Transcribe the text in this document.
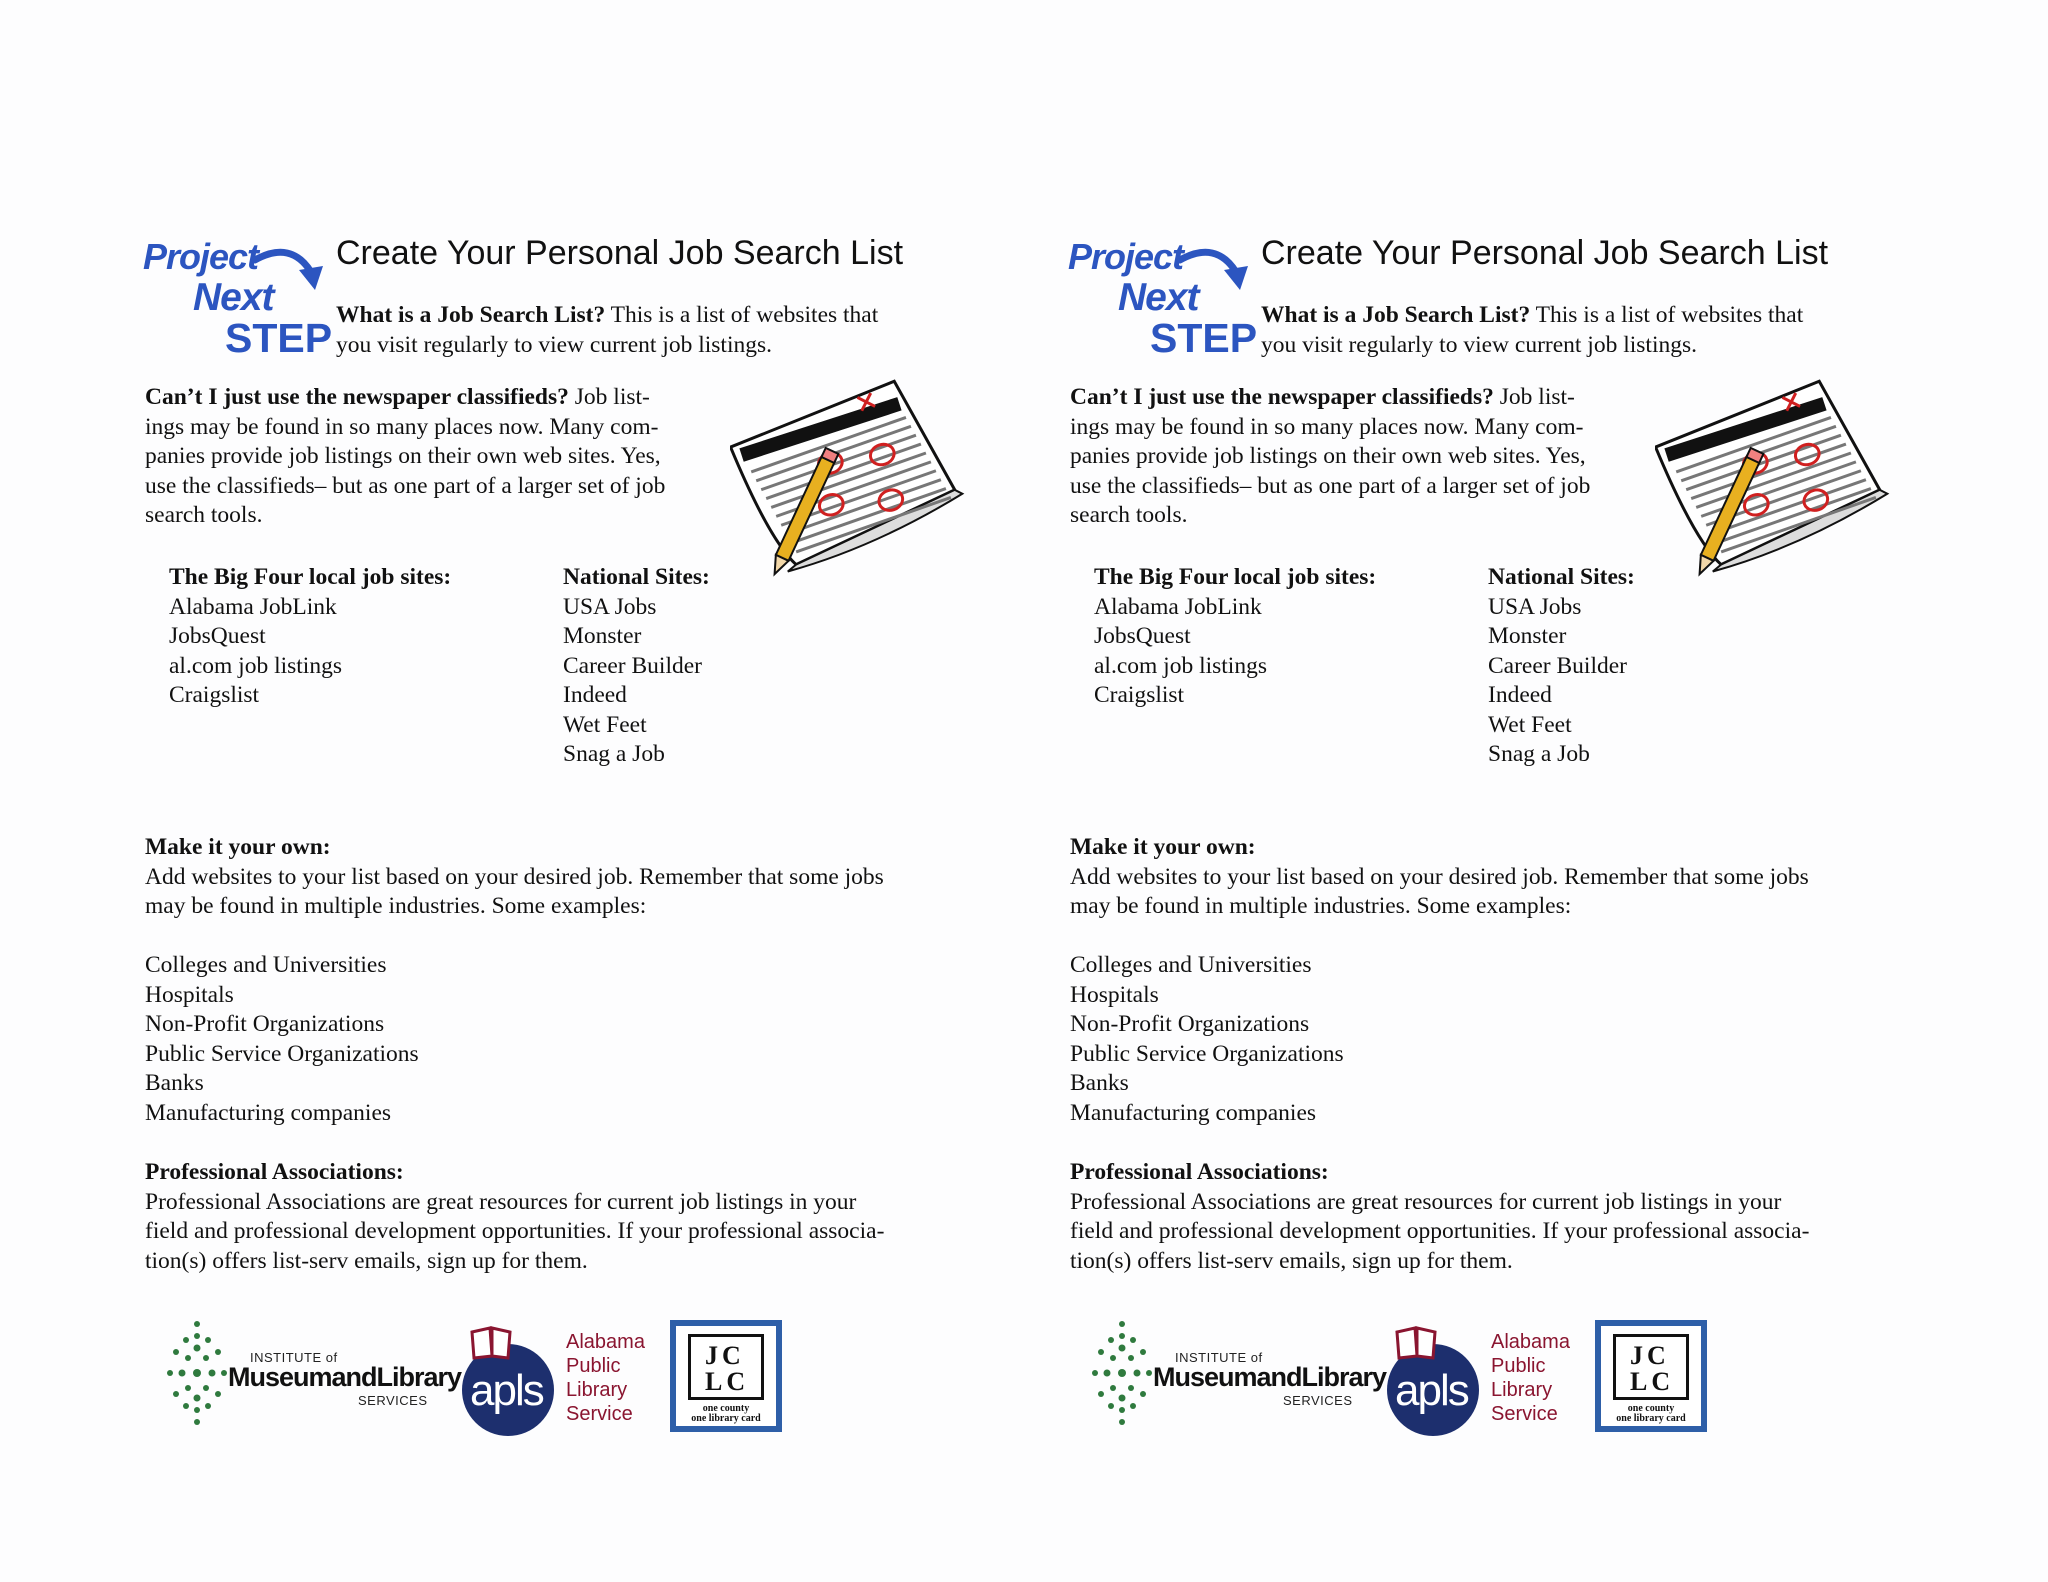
Project
Next
STEP
Create Your Personal Job Search List
What is a Job Search List? This is a list of websites that
you visit regularly to view current job listings.
Can’t I just use the newspaper classifieds? Job list-
ings may be found in so many places now. Many com-
panies provide job listings on their own web sites. Yes,
use the classifieds– but as one part of a larger set of job
search tools.
The Big Four local job sites:
Alabama JobLink
JobsQuest
al.com job listings
Craigslist
National Sites:
USA Jobs
Monster
Career Builder
Indeed
Wet Feet
Snag a Job
Make it your own:
Add websites to your list based on your desired job. Remember that some jobs
may be found in multiple industries. Some examples:
Colleges and Universities
Hospitals
Non-Profit Organizations
Public Service Organizations
Banks
Manufacturing companies
Professional Associations:
Professional Associations are great resources for current job listings in your
field and professional development opportunities. If your professional associa-
tion(s) offers list-serv emails, sign up for them.
INSTITUTE of
MuseumandLibrary
SERVICES apls
Alabama
Public
Library
Service
JC
LC
one county
one library card
Project
Next
STEP
Create Your Personal Job Search List
What is a Job Search List? This is a list of websites that
you visit regularly to view current job listings.
Can’t I just use the newspaper classifieds? Job list-
ings may be found in so many places now. Many com-
panies provide job listings on their own web sites. Yes,
use the classifieds– but as one part of a larger set of job
search tools.
The Big Four local job sites:
Alabama JobLink
JobsQuest
al.com job listings
Craigslist
National Sites:
USA Jobs
Monster
Career Builder
Indeed
Wet Feet
Snag a Job
Make it your own:
Add websites to your list based on your desired job. Remember that some jobs
may be found in multiple industries. Some examples:
Colleges and Universities
Hospitals
Non-Profit Organizations
Public Service Organizations
Banks
Manufacturing companies
Professional Associations:
Professional Associations are great resources for current job listings in your
field and professional development opportunities. If your professional associa-
tion(s) offers list-serv emails, sign up for them.
INSTITUTE of
MuseumandLibrary
SERVICES apls
Alabama
Public
Library
Service
JC
LC
one county
one library card
